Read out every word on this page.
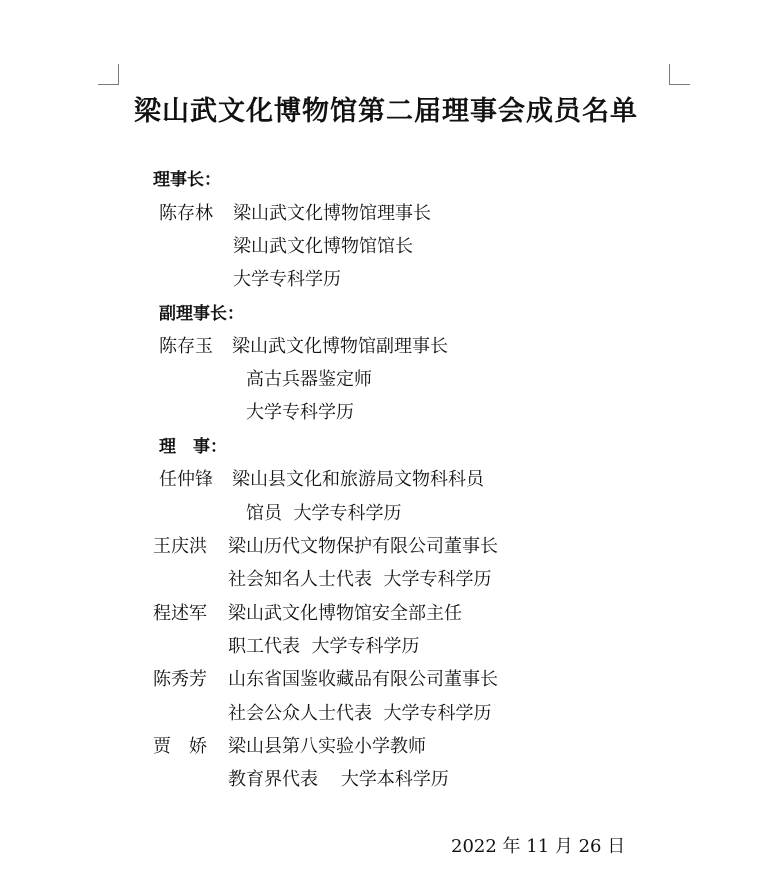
梁山武文化博物馆第二届理事会成员名单
理事长：
陈存林 梁山武文化博物馆理事长
梁山武文化博物馆馆长
大学专科学历
副理事长：
陈存玉 梁山武文化博物馆副理事长
高古兵器鉴定师
大学专科学历
理　事：
任仲锋 梁山县文化和旅游局文物科科员
馆员  大学专科学历
王庆洪 梁山历代文物保护有限公司董事长
社会知名人士代表  大学专科学历
程述军 梁山武文化博物馆安全部主任
职工代表  大学专科学历
陈秀芳 山东省国鉴收藏品有限公司董事长
社会公众人士代表  大学专科学历
贾　娇 梁山县第八实验小学教师
教育界代表    大学本科学历
2022 年 11 月 26 日
